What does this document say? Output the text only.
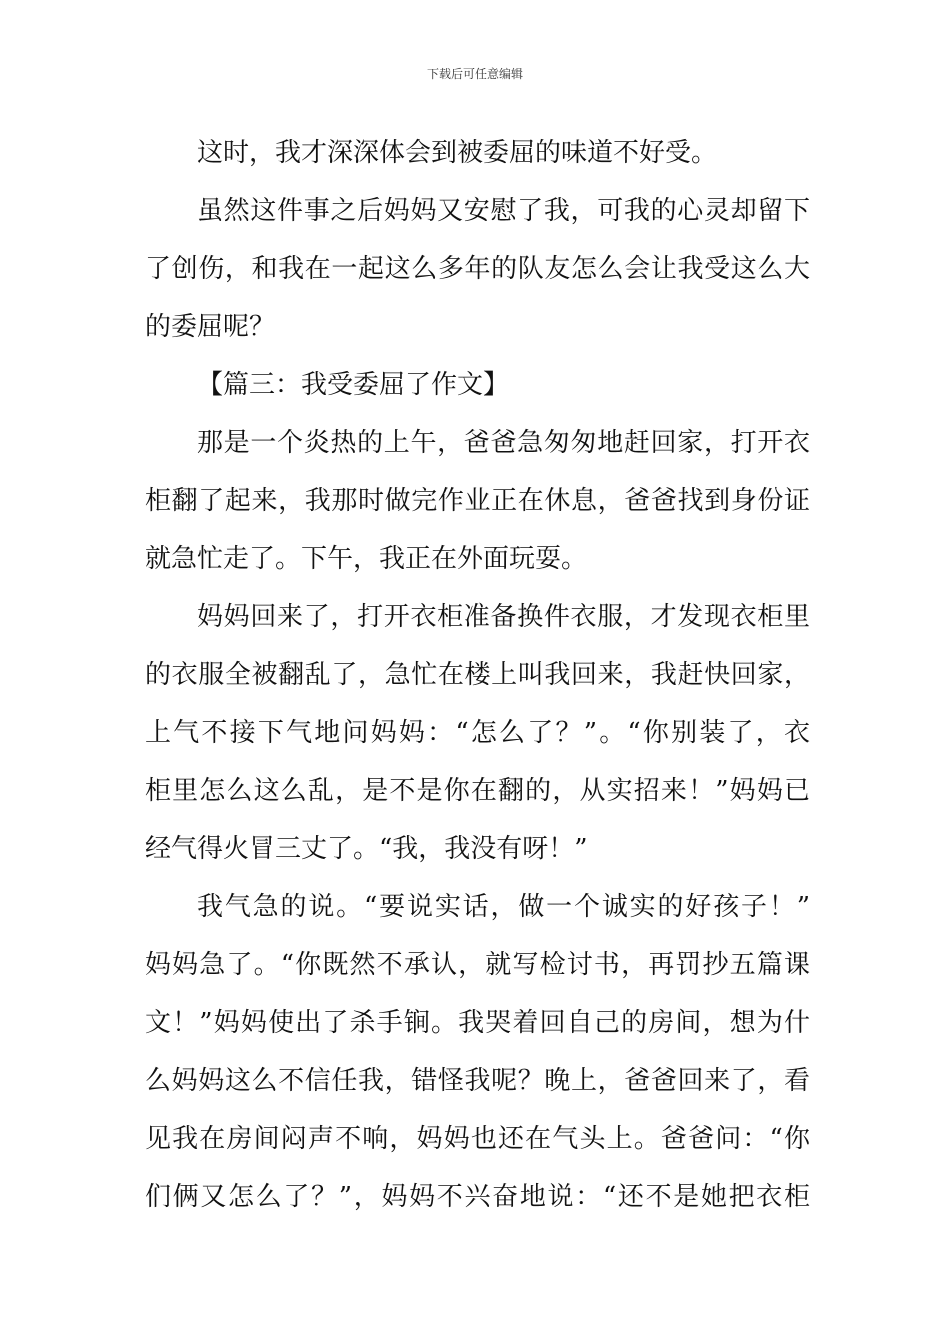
下载后可任意编辑
这时，我才深深体会到被委屈的味道不好受。
虽然这件事之后妈妈又安慰了我，可我的心灵却留下
了创伤，和我在一起这么多年的队友怎么会让我受这么大
的委屈呢？
【篇三：我受委屈了作文】
那是一个炎热的上午，爸爸急匆匆地赶回家，打开衣
柜翻了起来，我那时做完作业正在休息，爸爸找到身份证
就急忙走了。下午，我正在外面玩耍。
妈妈回来了，打开衣柜准备换件衣服，才发现衣柜里
的衣服全被翻乱了，急忙在楼上叫我回来，我赶快回家，
上气不接下气地问妈妈：“怎么了？”。“你别装了，衣
柜里怎么这么乱，是不是你在翻的，从实招来！”妈妈已
经气得火冒三丈了。“我，我没有呀！”
我气急的说。“要说实话，做一个诚实的好孩子！”
妈妈急了。“你既然不承认，就写检讨书，再罚抄五篇课
文！”妈妈使出了杀手锏。我哭着回自己的房间，想为什
么妈妈这么不信任我，错怪我呢？晚上，爸爸回来了，看
见我在房间闷声不响，妈妈也还在气头上。爸爸问：“你
们俩又怎么了？”，妈妈不兴奋地说：“还不是她把衣柜
